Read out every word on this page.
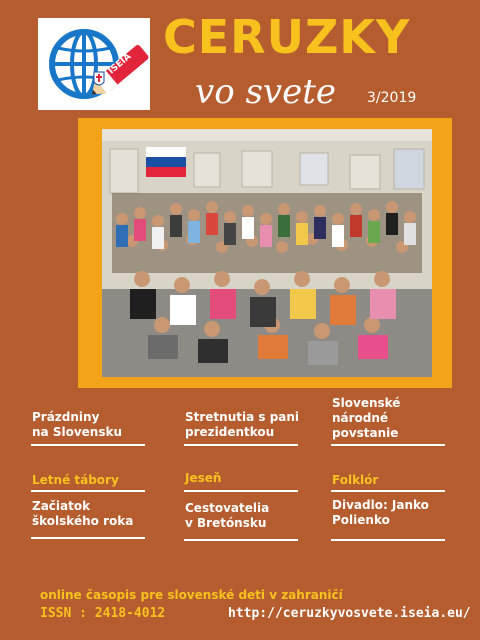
ISEIA
CERUZKY
vo svete 3/2019
Prázdniny
na Slovensku
Stretnutia s pani
prezidentkou
Slovenské
národné
povstanie
Letné tábory	Jeseň	Folklór
Začiatok
školského roka
Cestovatelia
v Bretónsku
Divadlo: Janko
Polienko
online časopis pre slovenské deti v zahraničí
ISSN : 2418-4012	http://ceruzkyvosvete.iseia.eu/
